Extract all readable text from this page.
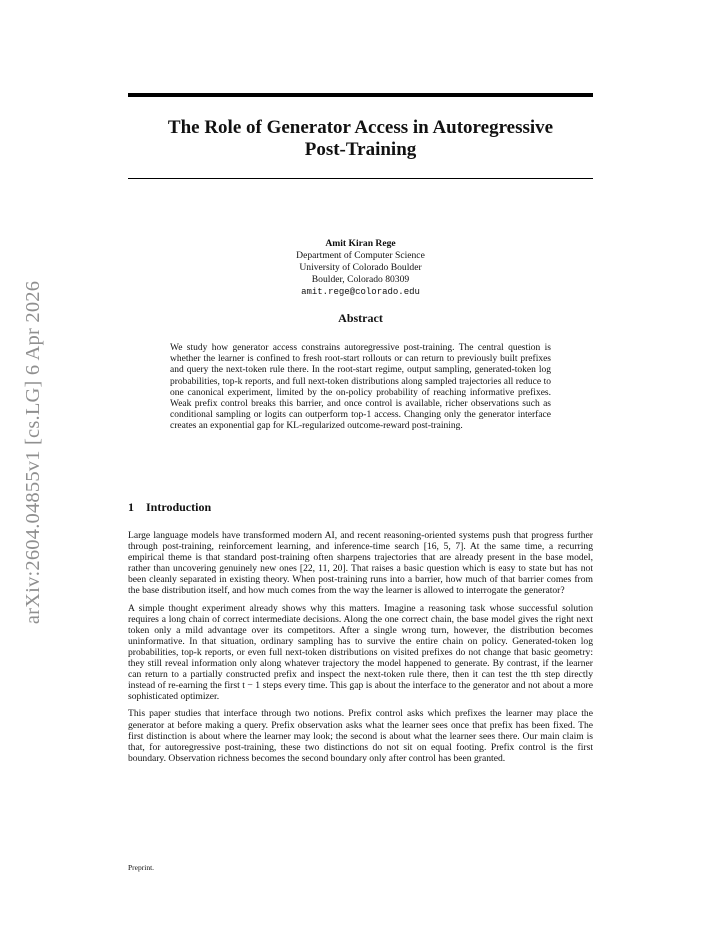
arXiv:2604.04855v1 [cs.LG] 6 Apr 2026
The Role of Generator Access in Autoregressive
Post-Training
Amit Kiran Rege
Department of Computer Science
University of Colorado Boulder
Boulder, Colorado 80309
amit.rege@colorado.edu
Abstract
We study how generator access constrains autoregressive post-training. The central question is whether the learner is confined to fresh root-start rollouts or can return to previously built prefixes and query the next-token rule there. In the root-start regime, output sampling, generated-token log probabilities, top-k reports, and full next-token distributions along sampled trajectories all reduce to one canonical experiment, limited by the on-policy probability of reaching informative prefixes. Weak prefix control breaks this barrier, and once control is available, richer observations such as conditional sampling or logits can outperform top-1 access. Changing only the generator interface creates an exponential gap for KL-regularized outcome-reward post-training.
1 Introduction

Large language models have transformed modern AI, and recent reasoning-oriented systems push that progress further through post-training, reinforcement learning, and inference-time search [16, 5, 7]. At the same time, a recurring empirical theme is that standard post-training often sharpens trajectories that are already present in the base model, rather than uncovering genuinely new ones [22, 11, 20]. That raises a basic question which is easy to state but has not been cleanly separated in existing theory. When post-training runs into a barrier, how much of that barrier comes from the base distribution itself, and how much comes from the way the learner is allowed to interrogate the generator?

A simple thought experiment already shows why this matters. Imagine a reasoning task whose successful solution requires a long chain of correct intermediate decisions. Along the one correct chain, the base model gives the right next token only a mild advantage over its competitors. After a single wrong turn, however, the distribution becomes uninformative. In that situation, ordinary sampling has to survive the entire chain on policy. Generated-token log probabilities, top-k reports, or even full next-token distributions on visited prefixes do not change that basic geometry: they still reveal information only along whatever trajectory the model happened to generate. By contrast, if the learner can return to a partially constructed prefix and inspect the next-token rule there, then it can test the tth step directly instead of re-earning the first t − 1 steps every time. This gap is about the interface to the generator and not about a more sophisticated optimizer.

This paper studies that interface through two notions. Prefix control asks which prefixes the learner may place the generator at before making a query. Prefix observation asks what the learner sees once that prefix has been fixed. The first distinction is about where the learner may look; the second is about what the learner sees there. Our main claim is that, for autoregressive post-training, these two distinctions do not sit on equal footing. Prefix control is the first boundary. Observation richness becomes the second boundary only after control has been granted.

Preprint.
